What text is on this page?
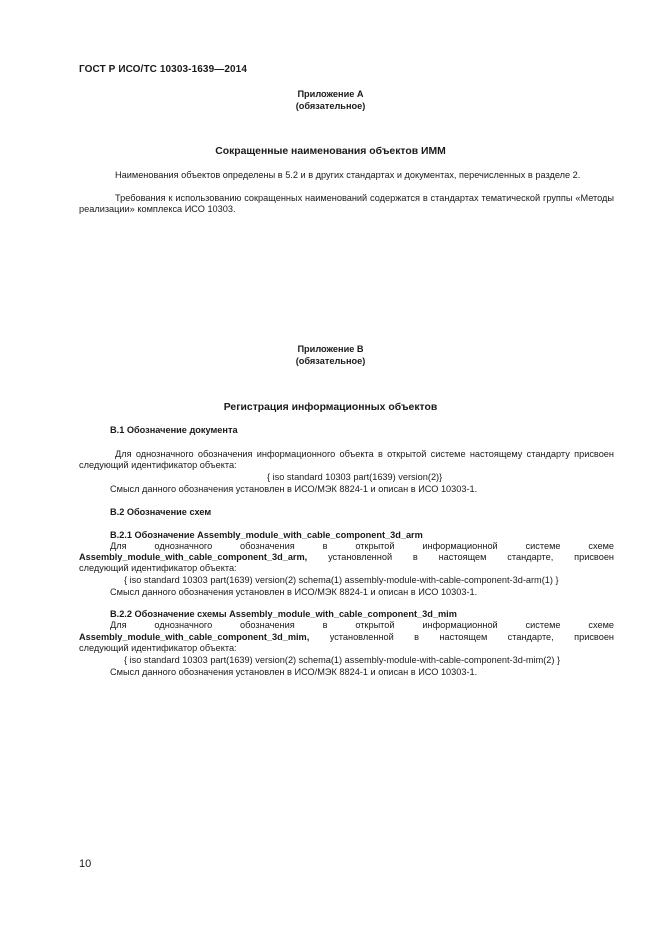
ГОСТ Р ИСО/ТС 10303-1639—2014
Приложение А
(обязательное)
Сокращенные наименования объектов ИММ
Наименования объектов определены в 5.2 и в других стандартах и документах, перечисленных в разделе 2.
Требования к использованию сокращенных наименований содержатся в стандартах тематической группы «Методы реализации» комплекса ИСО 10303.
Приложение В
(обязательное)
Регистрация информационных объектов
В.1 Обозначение документа
Для однозначного обозначения информационного объекта в открытой системе настоящему стандарту присвоен следующий идентификатор объекта:
{ iso standard 10303 part(1639) version(2)}
Смысл данного обозначения установлен в ИСО/МЭК 8824-1 и описан в ИСО 10303-1.
В.2 Обозначение схем
В.2.1 Обозначение Assembly_module_with_cable_component_3d_arm
Для однозначного обозначения в открытой информационной системе схеме
Assembly_module_with_cable_component_3d_arm, установленной в настоящем стандарте, присвоен
следующий идентификатор объекта:
{ iso standard 10303 part(1639) version(2) schema(1) assembly-module-with-cable-component-3d-arm(1) }
Смысл данного обозначения установлен в ИСО/МЭК 8824-1 и описан в ИСО 10303-1.
В.2.2 Обозначение схемы Assembly_module_with_cable_component_3d_mim
Для однозначного обозначения в открытой информационной системе схеме
Assembly_module_with_cable_component_3d_mim, установленной в настоящем стандарте, присвоен
следующий идентификатор объекта:
{ iso standard 10303 part(1639) version(2) schema(1) assembly-module-with-cable-component-3d-mim(2) }
Смысл данного обозначения установлен в ИСО/МЭК 8824-1 и описан в ИСО 10303-1.
10
